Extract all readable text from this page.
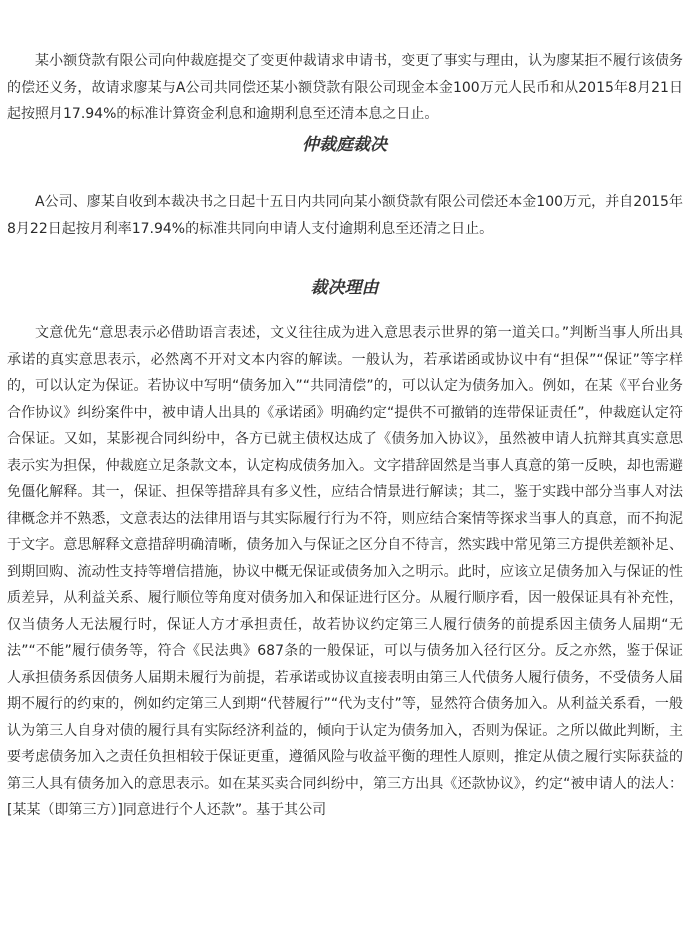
某小额贷款有限公司向仲裁庭提交了变更仲裁请求申请书，变更了事实与理由，认为廖某拒不履行该债务的偿还义务，故请求廖某与A公司共同偿还某小额贷款有限公司现金本金100万元人民币和从2015年8月21日起按照月17.94%的标准计算资金利息和逾期利息至还清本息之日止。

仲裁庭裁决

A公司、廖某自收到本裁决书之日起十五日内共同向某小额贷款有限公司偿还本金100万元，并自2015年8月22日起按月利率17.94%的标准共同向申请人支付逾期利息至还清之日止。

裁决理由

文意优先“意思表示必借助语言表述，文义往往成为进入意思表示世界的第一道关口。”判断当事人所出具承诺的真实意思表示，必然离不开对文本内容的解读。一般认为，若承诺函或协议中有“担保”“保证”等字样的，可以认定为保证。若协议中写明“债务加入”“共同清偿”的，可以认定为债务加入。例如，在某《平台业务合作协议》纠纷案件中，被申请人出具的《承诺函》明确约定“提供不可撤销的连带保证责任”，仲裁庭认定符合保证。又如，某影视合同纠纷中，各方已就主债权达成了《债务加入协议》，虽然被申请人抗辩其真实意思表示实为担保，仲裁庭立足条款文本，认定构成债务加入。文字措辞固然是当事人真意的第一反映，却也需避免僵化解释。其一，保证、担保等措辞具有多义性，应结合情景进行解读；其二，鉴于实践中部分当事人对法律概念并不熟悉，文意表达的法律用语与其实际履行行为不符，则应结合案情等探求当事人的真意，而不拘泥于文字。意思解释文意措辞明确清晰，债务加入与保证之区分自不待言，然实践中常见第三方提供差额补足、到期回购、流动性支持等增信措施，协议中概无保证或债务加入之明示。此时，应该立足债务加入与保证的性质差异，从利益关系、履行顺位等角度对债务加入和保证进行区分。从履行顺序看，因一般保证具有补充性，仅当债务人无法履行时，保证人方才承担责任，故若协议约定第三人履行债务的前提系因主债务人届期“无法”“不能”履行债务等，符合《民法典》687条的一般保证，可以与债务加入径行区分。反之亦然，鉴于保证人承担债务系因债务人届期未履行为前提，若承诺或协议直接表明由第三人代债务人履行债务，不受债务人届期不履行的约束的，例如约定第三人到期“代替履行”“代为支付”等，显然符合债务加入。从利益关系看，一般认为第三人自身对债的履行具有实际经济利益的，倾向于认定为债务加入，否则为保证。之所以做此判断，主要考虑债务加入之责任负担相较于保证更重，遵循风险与收益平衡的理性人原则，推定从债之履行实际获益的第三人具有债务加入的意思表示。如在某买卖合同纠纷中，第三方出具《还款协议》，约定“被申请人的法人：[某某（即第三方）]同意进行个人还款”。基于其公司
